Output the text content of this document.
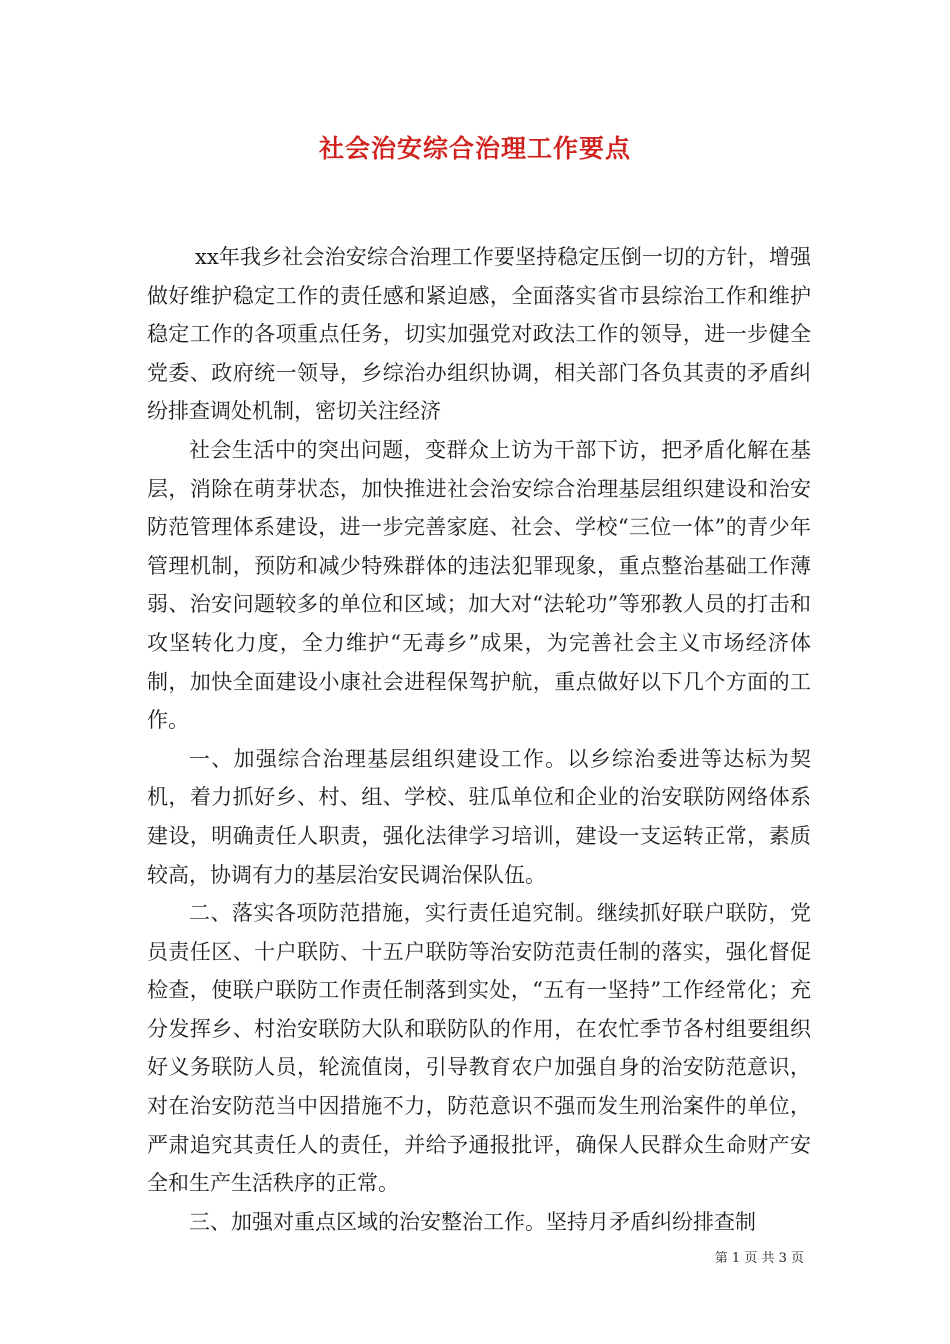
社会治安综合治理工作要点

xx年我乡社会治安综合治理工作要坚持稳定压倒一切的方针，增强做好维护稳定工作的责任感和紧迫感，全面落实省市县综治工作和维护稳定工作的各项重点任务，切实加强党对政法工作的领导，进一步健全党委、政府统一领导，乡综治办组织协调，相关部门各负其责的矛盾纠纷排查调处机制，密切关注经济

社会生活中的突出问题，变群众上访为干部下访，把矛盾化解在基层，消除在萌芽状态，加快推进社会治安综合治理基层组织建设和治安防范管理体系建设，进一步完善家庭、社会、学校“三位一体”的青少年管理机制，预防和减少特殊群体的违法犯罪现象，重点整治基础工作薄弱、治安问题较多的单位和区域；加大对“法轮功”等邪教人员的打击和攻坚转化力度，全力维护“无毒乡”成果，为完善社会主义市场经济体制，加快全面建设小康社会进程保驾护航，重点做好以下几个方面的工作。

一、加强综合治理基层组织建设工作。以乡综治委进等达标为契机，着力抓好乡、村、组、学校、驻瓜单位和企业的治安联防网络体系建设，明确责任人职责，强化法律学习培训，建设一支运转正常，素质较高，协调有力的基层治安民调治保队伍。

二、落实各项防范措施，实行责任追究制。继续抓好联户联防，党员责任区、十户联防、十五户联防等治安防范责任制的落实，强化督促检查，使联户联防工作责任制落到实处，“五有一坚持”工作经常化；充分发挥乡、村治安联防大队和联防队的作用，在农忙季节各村组要组织好义务联防人员，轮流值岗，引导教育农户加强自身的治安防范意识，对在治安防范当中因措施不力，防范意识不强而发生刑治案件的单位，严肃追究其责任人的责任，并给予通报批评，确保人民群众生命财产安全和生产生活秩序的正常。

三、加强对重点区域的治安整治工作。坚持月矛盾纠纷排查制

第 1 页 共 3 页
